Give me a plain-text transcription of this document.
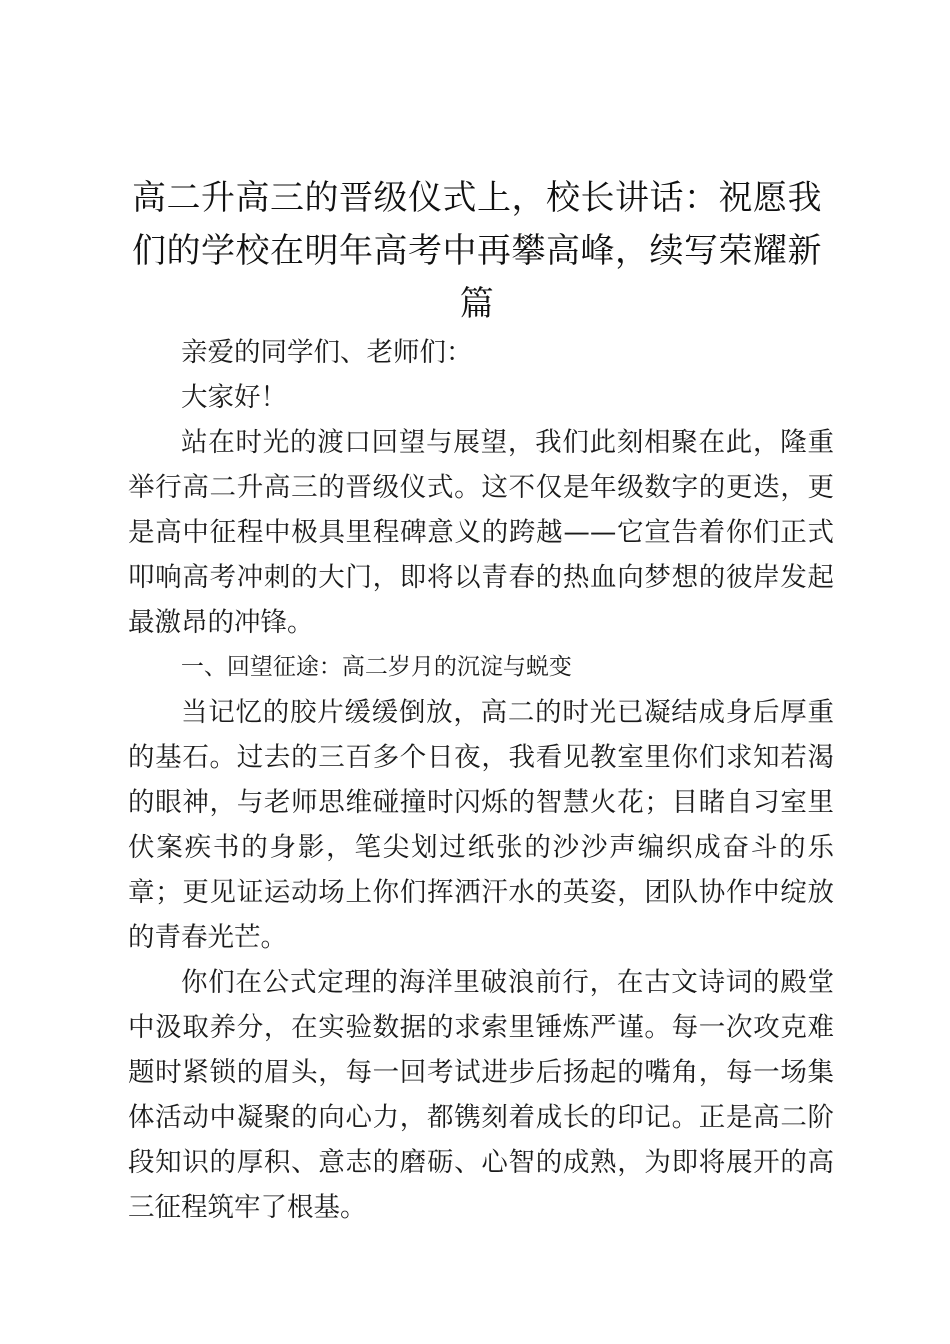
高二升高三的晋级仪式上，校长讲话：祝愿我们的学校在明年高考中再攀高峰，续写荣耀新篇

亲爱的同学们、老师们：

大家好！

站在时光的渡口回望与展望，我们此刻相聚在此，隆重举行高二升高三的晋级仪式。这不仅是年级数字的更迭，更是高中征程中极具里程碑意义的跨越——它宣告着你们正式叩响高考冲刺的大门，即将以青春的热血向梦想的彼岸发起最激昂的冲锋。

一、回望征途：高二岁月的沉淀与蜕变

当记忆的胶片缓缓倒放，高二的时光已凝结成身后厚重的基石。过去的三百多个日夜，我看见教室里你们求知若渴的眼神，与老师思维碰撞时闪烁的智慧火花；目睹自习室里伏案疾书的身影，笔尖划过纸张的沙沙声编织成奋斗的乐章；更见证运动场上你们挥洒汗水的英姿，团队协作中绽放的青春光芒。

你们在公式定理的海洋里破浪前行，在古文诗词的殿堂中汲取养分，在实验数据的求索里锤炼严谨。每一次攻克难题时紧锁的眉头，每一回考试进步后扬起的嘴角，每一场集体活动中凝聚的向心力，都镌刻着成长的印记。正是高二阶段知识的厚积、意志的磨砺、心智的成熟，为即将展开的高三征程筑牢了根基。
